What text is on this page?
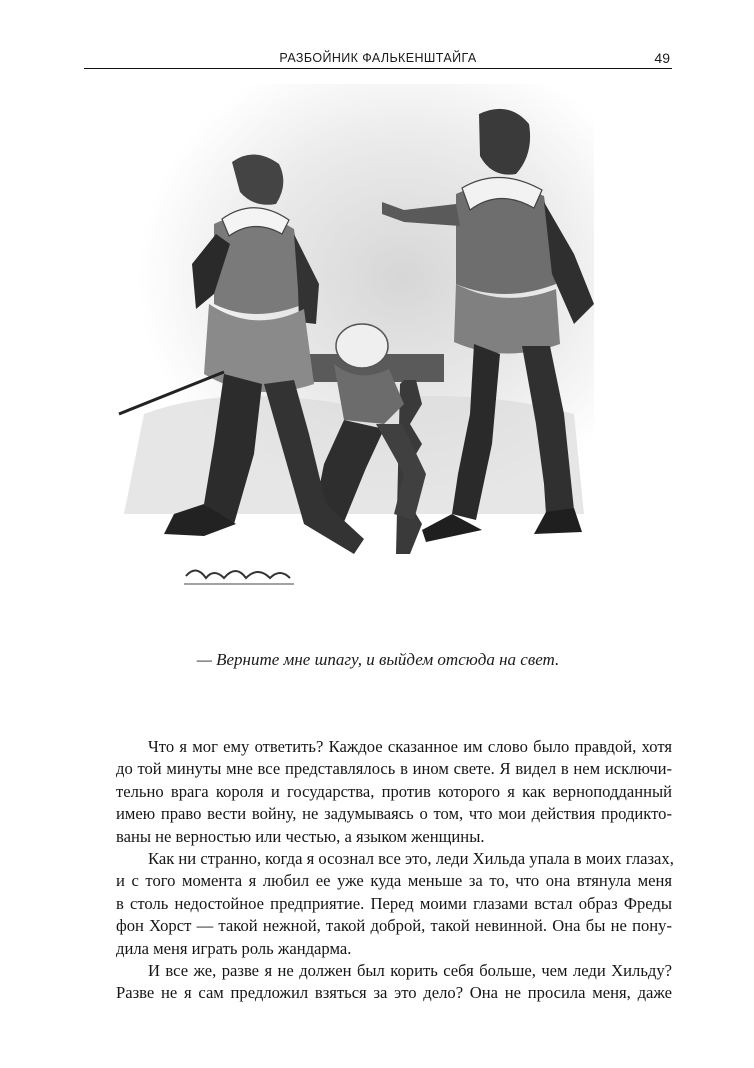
РАЗБОЙНИК ФАЛЬКЕНШТАЙГА	49
— Верните мне шпагу, и выйдем отсюда на свет.

Что я мог ему ответить? Каждое сказанное им слово было правдой, хотя
до той минуты мне все представлялось в ином свете. Я видел в нем исключи-
тельно врага короля и государства, против которого я как верноподданный
имею право вести войну, не задумываясь о том, что мои действия продикто-
ваны не верностью или честью, а языком женщины.

Как ни странно, когда я осознал все это, леди Хильда упала в моих глазах,
и с того момента я любил ее уже куда меньше за то, что она втянула меня
в столь недостойное предприятие. Перед моими глазами встал образ Фреды
фон Хорст — такой нежной, такой доброй, такой невинной. Она бы не пону-
дила меня играть роль жандарма.

И все же, разве я не должен был корить себя больше, чем леди Хильду?
Разве не я сам предложил взяться за это дело? Она не просила меня, даже
